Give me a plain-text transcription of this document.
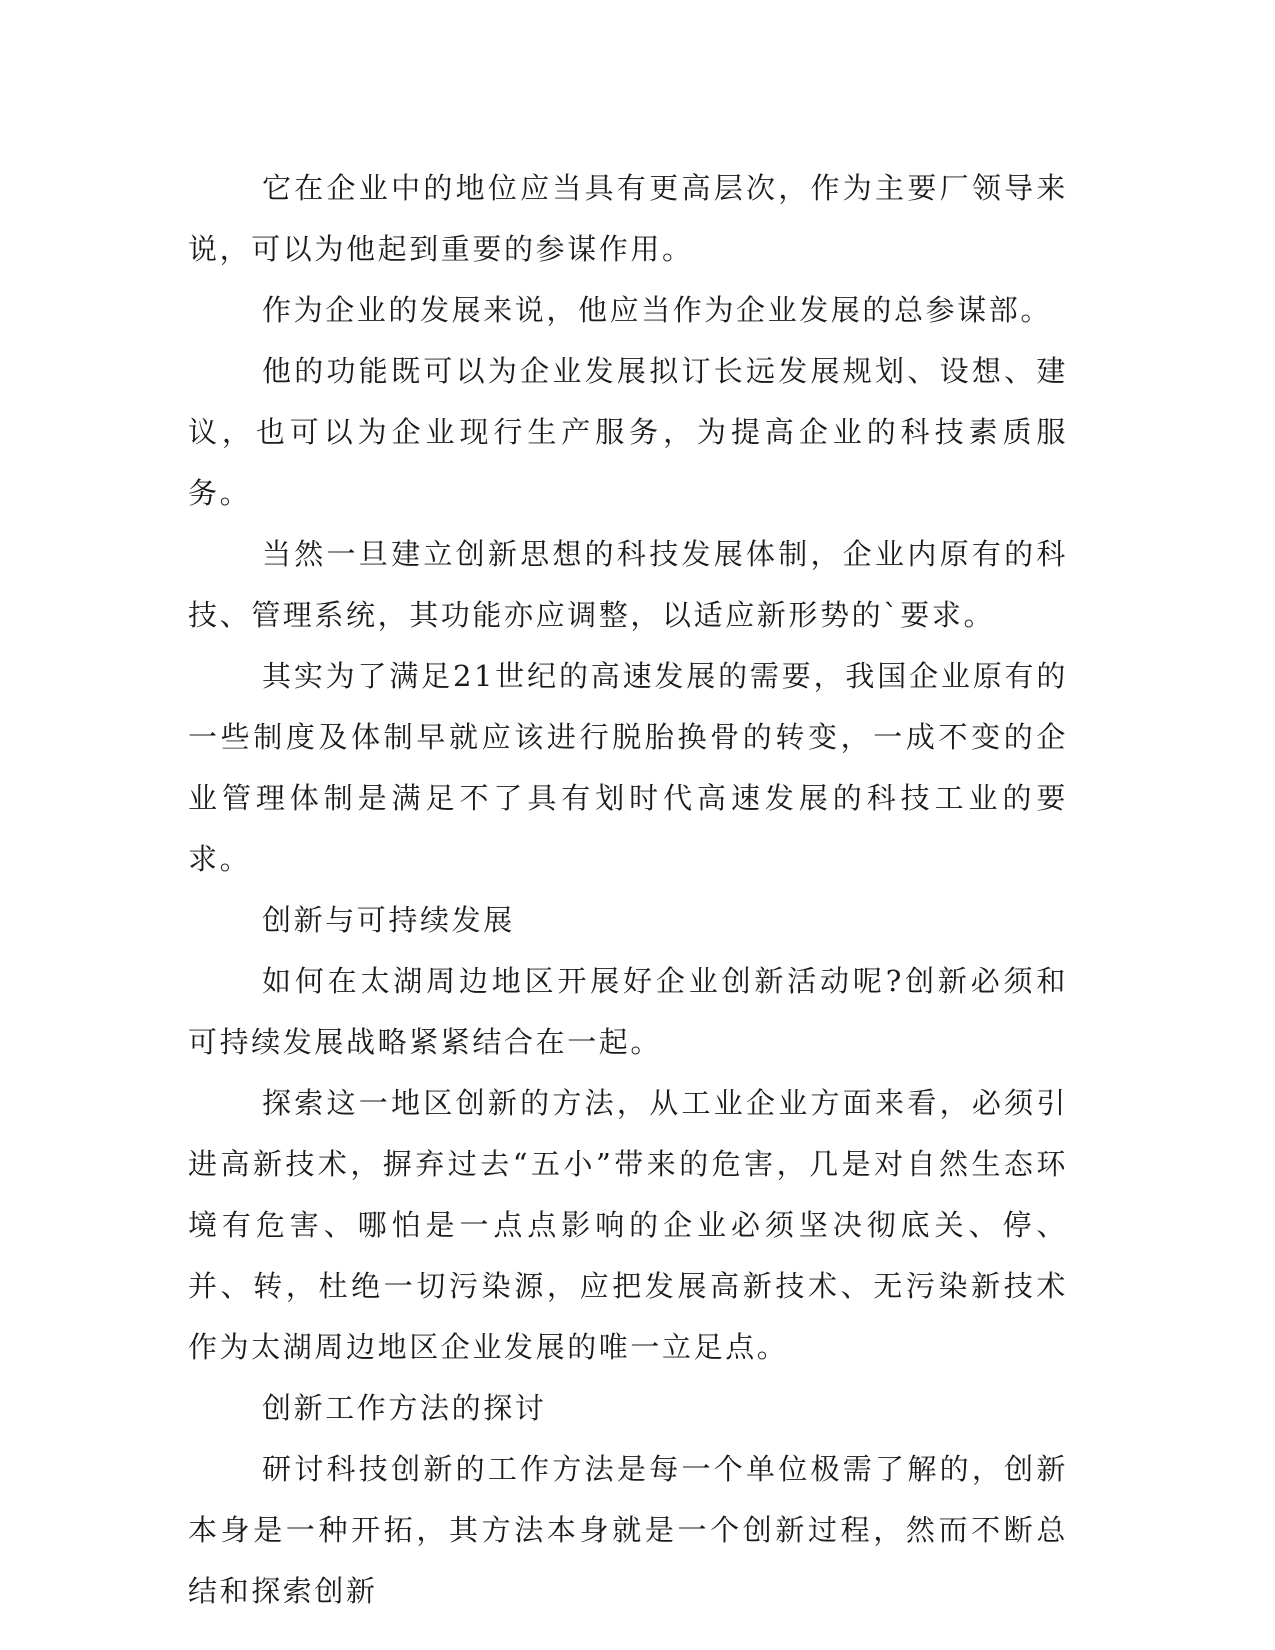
它在企业中的地位应当具有更高层次，作为主要厂领导来说，可以为他起到重要的参谋作用。

作为企业的发展来说，他应当作为企业发展的总参谋部。

他的功能既可以为企业发展拟订长远发展规划、设想、建议，也可以为企业现行生产服务，为提高企业的科技素质服务。

当然一旦建立创新思想的科技发展体制，企业内原有的科技、管理系统，其功能亦应调整，以适应新形势的`要求。

其实为了满足21世纪的高速发展的需要，我国企业原有的一些制度及体制早就应该进行脱胎换骨的转变，一成不变的企业管理体制是满足不了具有划时代高速发展的科技工业的要求。

创新与可持续发展

如何在太湖周边地区开展好企业创新活动呢?创新必须和可持续发展战略紧紧结合在一起。

探索这一地区创新的方法，从工业企业方面来看，必须引进高新技术，摒弃过去“五小”带来的危害，几是对自然生态环境有危害、哪怕是一点点影响的企业必须坚决彻底关、停、并、转，杜绝一切污染源，应把发展高新技术、无污染新技术作为太湖周边地区企业发展的唯一立足点。

创新工作方法的探讨

研讨科技创新的工作方法是每一个单位极需了解的，创新本身是一种开拓，其方法本身就是一个创新过程，然而不断总结和探索创新
